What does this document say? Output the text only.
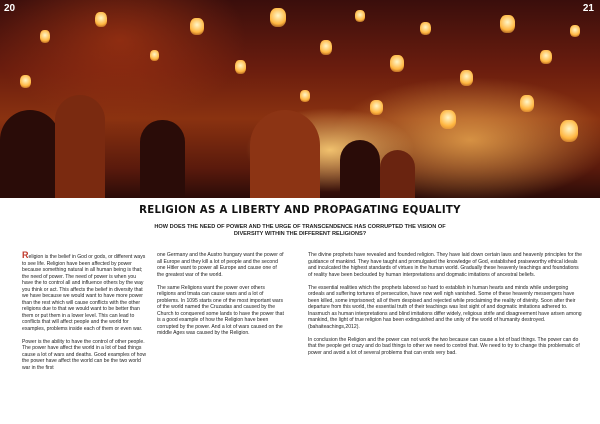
20	21
RELIGION AS A LIBERTY AND PROPAGATING EQUALITY
HOW DOES THE NEED OF POWER AND THE URGE OF TRANSCENDENCE HAS CORRUPTED THE VISION OF DIVERSITY WITHIN THE DIFFERENT RELIGIONS?

Religion is the belief in God or gods, or different ways to see life. Religion have been affected by power because something natural in all human being is that; the need of power. The need of power is when you have the to control all and influence others by the way you think or act. This affects the belief in diversity that we have because we would want to have more power than the rest which will cause conflicts with the other religions due to that we would want to be better than them or put them in a lower level. This can lead to conflicts that will affect people and the world for examples, problems inside each of them or even war.

Power is the ability to have the control of other people. The power have affect the world in a lot of bad things cause a lot of wars and deaths. Good examples of how the power have affect the world can be the two world war in the first

one Germany and the Austro hungary want the power of all Europe and they kill a lot of people and the second one Hitler want to power all Europe and cause one of the greatest war of the world.

The same Religions want the power over others religions and tmata can cause wars and a lot of problems. In 1095 starts one of the most important wars of the world named the Cruzadas and caused by the Church to conquered some lands to have the power that is a good example of how the Religion have been corrupted by the power. And a lot of wars caused on the middle Ages was caused by the Religion.

The divine prophets have revealed and founded religion. They have laid down certain laws and heavenly principles for the guidance of mankind. They have taught and promulgated the knowledge of God, established praiseworthy ethical ideals and inculcated the highest standards of virtues in the human world. Gradually these heavenly teachings and foundations of reality have been beclouded by human interpretations and dogmatic imitations of ancestral beliefs.

The essential realities which the prophets labored so hard to establish in human hearts and minds while undergoing ordeals and suffering tortures of persecution, have now well nigh vanished. Some of these heavenly messengers have been killed, some imprisoned; all of them despised and rejected while proclaiming the reality of divinity. Soon after their departure from this world, the essential truth of their teachings was lost sight of and dogmatic imitations adhered to. Inasmuch as human interpretations and blind imitations differ widely, religious strife and disagreement have arisen among mankind, the light of true religion has been extinguished and the unity of the world of humanity destroyed. (bahaiteachings,2012).

In conclusion the Religion and the power can not work the two because can cause a lot of bad things. The power can do that the people get crazy and do bad things to other we need to control that. We need to try to change this problematic of power and avoid a lot of several problems that can ends very bad.
